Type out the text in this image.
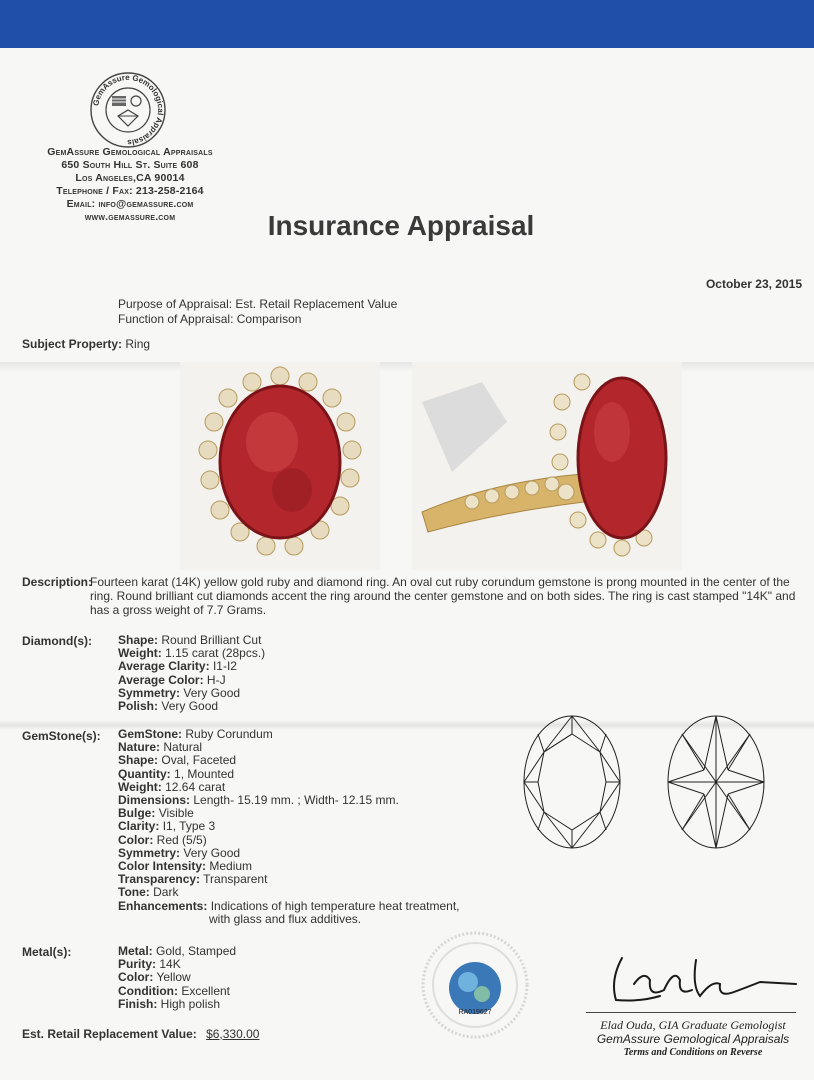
GemAssure Gemological Appraisals
GemAssure Gemological Appraisals
650 South Hill St. Suite 608
Los Angeles,CA 90014
Telephone / Fax: 213-258-2164
Email: info@gemassure.com
www.gemassure.com	Insurance Appraisal
October 23, 2015
Purpose of Appraisal: Est. Retail Replacement Value
Function of Appraisal: Comparison
Subject Property: Ring
Description:
Fourteen karat (14K) yellow gold ruby and diamond ring. An oval cut ruby corundum gemstone is prong mounted in the center of the ring. Round brilliant cut diamonds accent the ring around the center gemstone and on both sides. The ring is cast stamped "14K" and has a gross weight of 7.7 Grams.
Diamond(s): Shape: Round Brilliant Cut
Weight: 1.15 carat (28pcs.)
Average Clarity: I1-I2
Average Color: H-J
Symmetry: Very Good
Polish: Very Good
GemStone(s): GemStone: Ruby Corundum
Nature: Natural
Shape: Oval, Faceted
Quantity: 1, Mounted
Weight: 12.64 carat
Dimensions: Length- 15.19 mm. ; Width- 12.15 mm.
Bulge: Visible
Clarity: I1, Type 3
Color: Red (5/5)
Symmetry: Very Good
Color Intensity: Medium
Transparency: Transparent
Tone: Dark
Enhancements: Indications of high temperature heat treatment,
with glass and flux additives.
Metal(s):	Metal: Gold, Stamped
Purity: 14K
Color: Yellow
Condition: Excellent
Finish: High polish
RA019627
Elad Ouda, GIA Graduate Gemologist
GemAssure Gemological Appraisals
Terms and Conditions on Reverse
Est. Retail Replacement Value: $6,330.00
